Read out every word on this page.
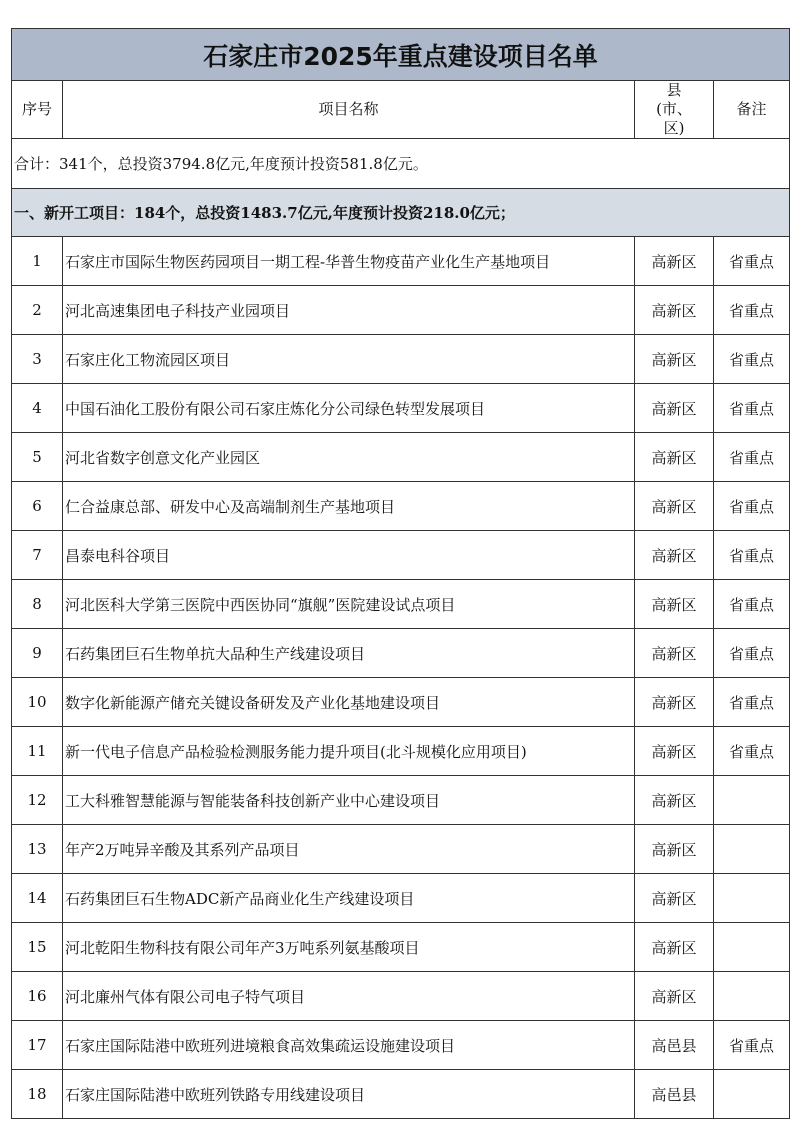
石家庄市2025年重点建设项目名单			
序号	项目名称	县(市、区)	备注
合计：341个，总投资3794.8亿元,年度预计投资581.8亿元。			
一、新开工项目：184个，总投资1483.7亿元,年度预计投资218.0亿元；			
1	石家庄市国际生物医药园项目一期工程-华普生物疫苗产业化生产基地项目	高新区	省重点
2	河北高速集团电子科技产业园项目	高新区	省重点
3	石家庄化工物流园区项目	高新区	省重点
4	中国石油化工股份有限公司石家庄炼化分公司绿色转型发展项目	高新区	省重点
5	河北省数字创意文化产业园区	高新区	省重点
6	仁合益康总部、研发中心及高端制剂生产基地项目	高新区	省重点
7	昌泰电科谷项目	高新区	省重点
8	河北医科大学第三医院中西医协同“旗舰”医院建设试点项目	高新区	省重点
9	石药集团巨石生物单抗大品种生产线建设项目	高新区	省重点
10	数字化新能源产储充关键设备研发及产业化基地建设项目	高新区	省重点
11	新一代电子信息产品检验检测服务能力提升项目(北斗规模化应用项目)	高新区	省重点
12	工大科雅智慧能源与智能装备科技创新产业中心建设项目	高新区	
13	年产2万吨异辛酸及其系列产品项目	高新区	
14	石药集团巨石生物ADC新产品商业化生产线建设项目	高新区	
15	河北乾阳生物科技有限公司年产3万吨系列氨基酸项目	高新区	
16	河北廉州气体有限公司电子特气项目	高新区	
17	石家庄国际陆港中欧班列进境粮食高效集疏运设施建设项目	高邑县	省重点
18	石家庄国际陆港中欧班列铁路专用线建设项目	高邑县	
